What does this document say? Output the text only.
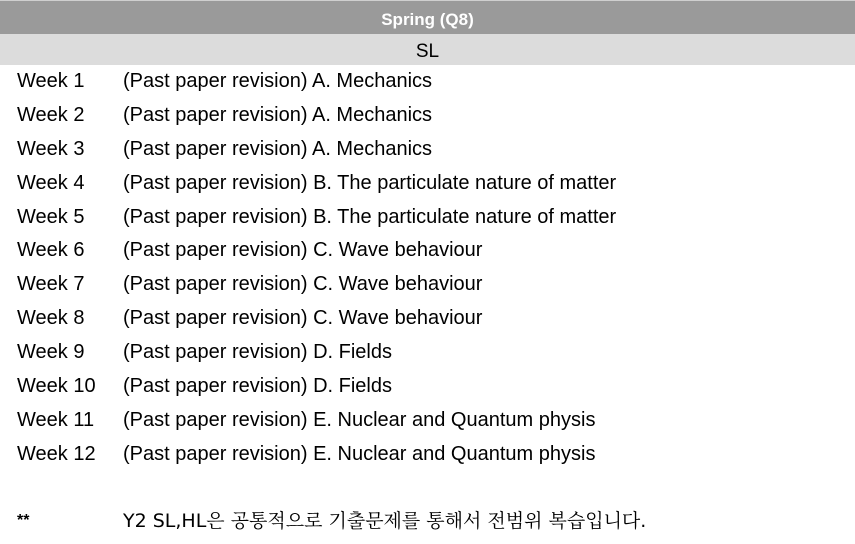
Spring (Q8)
SL
Week 1 (Past paper revision) A. Mechanics
Week 2 (Past paper revision) A. Mechanics
Week 3 (Past paper revision) A. Mechanics
Week 4 (Past paper revision) B. The particulate nature of matter
Week 5 (Past paper revision) B. The particulate nature of matter
Week 6 (Past paper revision) C. Wave behaviour
Week 7 (Past paper revision) C. Wave behaviour
Week 8 (Past paper revision) C. Wave behaviour
Week 9 (Past paper revision) D. Fields
Week 10 (Past paper revision) D. Fields
Week 11 (Past paper revision) E. Nuclear and Quantum physis
Week 12 (Past paper revision) E. Nuclear and Quantum physis
**	Y2 SL,HL은 공통적으로 기출문제를 통해서 전범위 복습입니다.
